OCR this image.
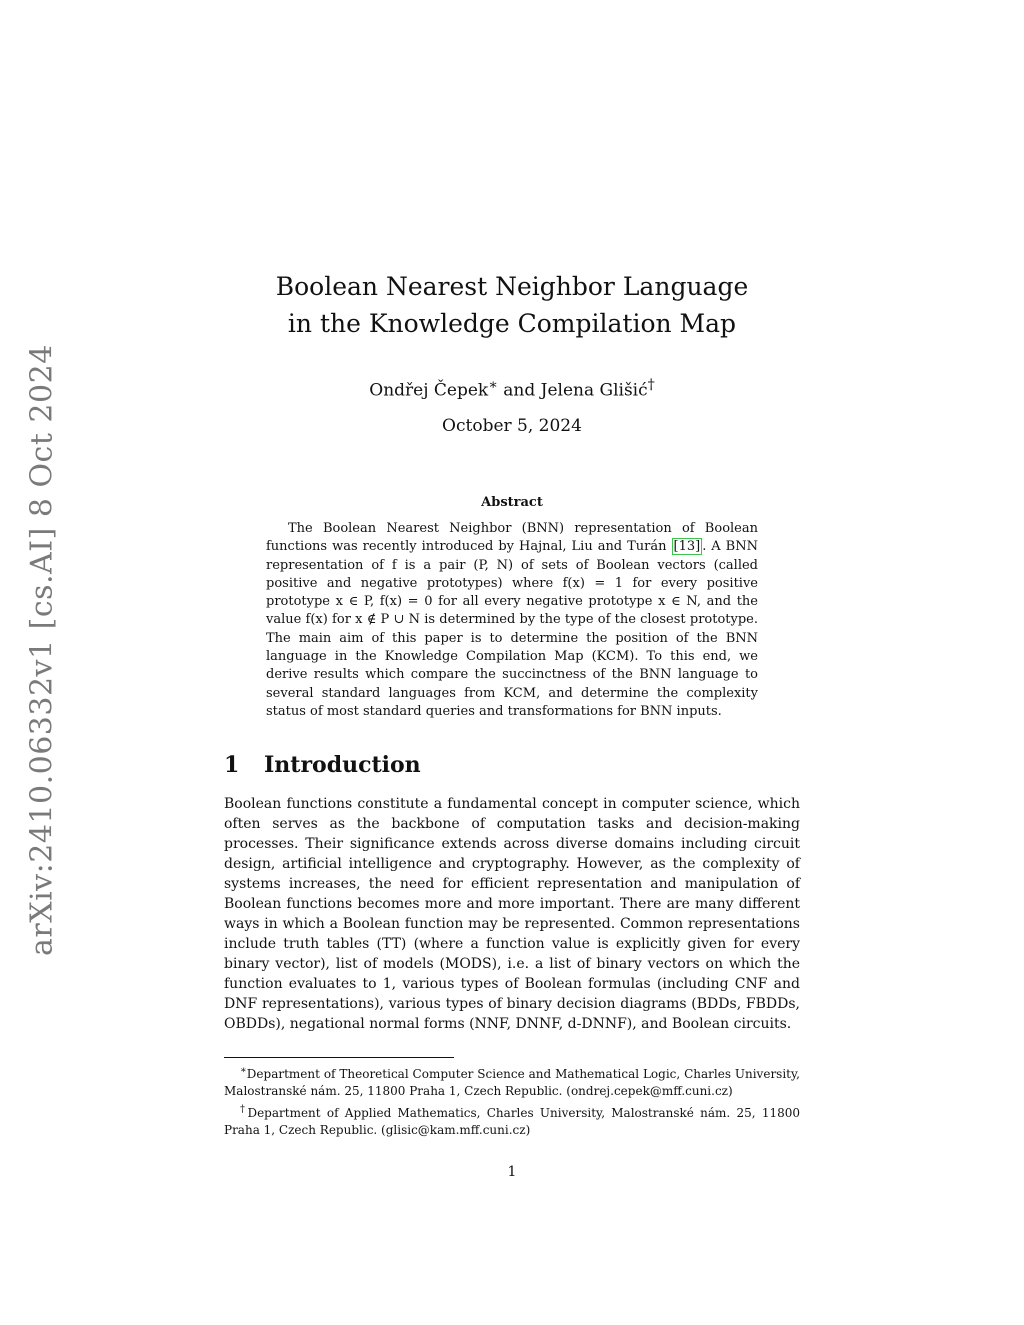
arXiv:2410.06332v1 [cs.AI] 8 Oct 2024
Boolean Nearest Neighbor Language
in the Knowledge Compilation Map
Ondřej Čepek∗ and Jelena Glišić†
October 5, 2024
Abstract

The Boolean Nearest Neighbor (BNN) representation of Boolean functions was recently introduced by Hajnal, Liu and Turán [13] . A BNN representation of f is a pair (P, N) of sets of Boolean vectors (called positive and negative prototypes) where f(x) = 1 for every positive prototype x ∈ P, f(x) = 0 for all every negative prototype x ∈ N, and the value f(x) for x ∉ P ∪ N is determined by the type of the closest prototype. The main aim of this paper is to determine the position of the BNN language in the Knowledge Compilation Map (KCM). To this end, we derive results which compare the succinctness of the BNN language to several standard languages from KCM, and determine the complexity status of most standard queries and transformations for BNN inputs.

1 Introduction

Boolean functions constitute a fundamental concept in computer science, which often serves as the backbone of computation tasks and decision-making processes. Their significance extends across diverse domains including circuit design, artificial intelligence and cryptography. However, as the complexity of systems increases, the need for efficient representation and manipulation of Boolean functions becomes more and more important. There are many different ways in which a Boolean function may be represented. Common representations include truth tables (TT) (where a function value is explicitly given for every binary vector), list of models (MODS), i.e. a list of binary vectors on which the function evaluates to 1, various types of Boolean formulas (including CNF and DNF representations), various types of binary decision diagrams (BDDs, FBDDs, OBDDs), negational normal forms (NNF, DNNF, d-DNNF), and Boolean circuits.

∗Department of Theoretical Computer Science and Mathematical Logic, Charles University, Malostranské nám. 25, 11800 Praha 1, Czech Republic. (ondrej.cepek@mff.cuni.cz)

†Department of Applied Mathematics, Charles University, Malostranské nám. 25, 11800 Praha 1, Czech Republic. (glisic@kam.mff.cuni.cz)

1
